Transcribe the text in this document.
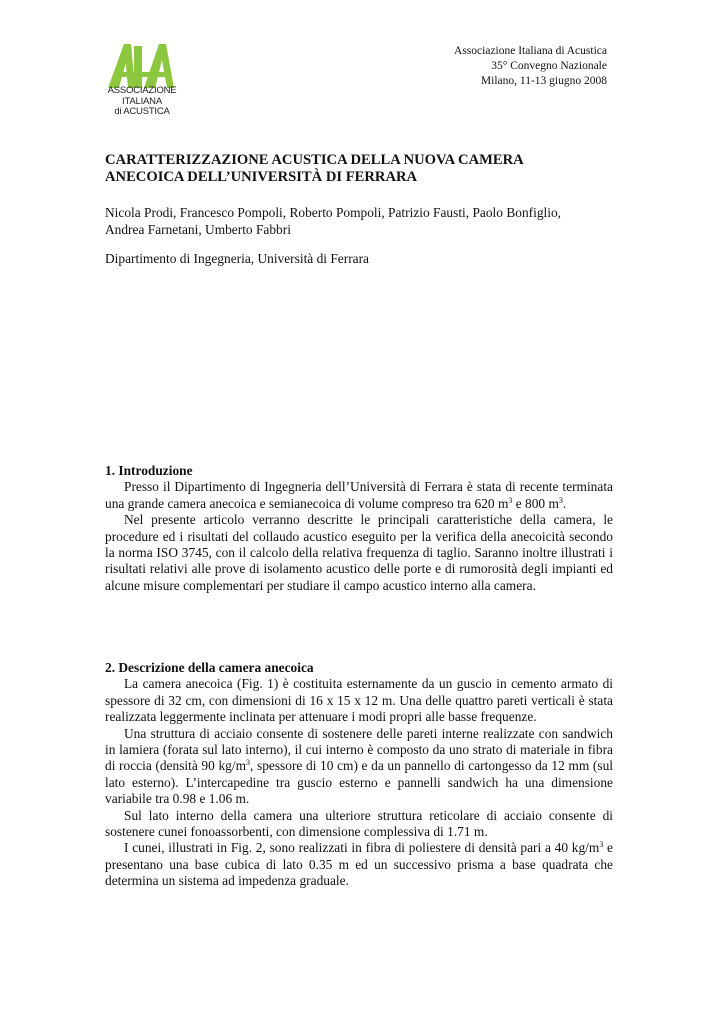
ASSOCIAZIONE
ITALIANA
di ACUSTICA
Associazione Italiana di Acustica
35° Convegno Nazionale
Milano, 11-13 giugno 2008
CARATTERIZZAZIONE ACUSTICA DELLA NUOVA CAMERA
ANECOICA DELL’UNIVERSITÀ DI FERRARA
Nicola Prodi, Francesco Pompoli, Roberto Pompoli, Patrizio Fausti, Paolo Bonfiglio,
Andrea Farnetani, Umberto Fabbri
Dipartimento di Ingegneria, Università di Ferrara
1. Introduzione

Presso il Dipartimento di Ingegneria dell’Università di Ferrara è stata di recente terminata una grande camera anecoica e semianecoica di volume compreso tra 620 $m^3$ e 800 $m^3$.

Nel presente articolo verranno descritte le principali caratteristiche della camera, le procedure ed i risultati del collaudo acustico eseguito per la verifica della anecoicità secondo la norma ISO 3745, con il calcolo della relativa frequenza di taglio. Saranno inoltre illustrati i risultati relativi alle prove di isolamento acustico delle porte e di rumorosità degli impianti ed alcune misure complementari per studiare il campo acustico interno alla camera.

2. Descrizione della camera anecoica

La camera anecoica (Fig. 1) è costituita esternamente da un guscio in cemento armato di spessore di 32 cm, con dimensioni di 16 x 15 x 12 m. Una delle quattro pareti verticali è stata realizzata leggermente inclinata per attenuare i modi propri alle basse frequenze.

Una struttura di acciaio consente di sostenere delle pareti interne realizzate con sandwich in lamiera (forata sul lato interno), il cui interno è composto da uno strato di materiale in fibra di roccia (densità 90 $kg/m^3$, spessore di 10 cm) e da un pannello di cartongesso da 12 mm (sul lato esterno). L’intercapedine tra guscio esterno e pannelli sandwich ha una dimensione variabile tra 0.98 e 1.06 m.

Sul lato interno della camera una ulteriore struttura reticolare di acciaio consente di sostenere cunei fonoassorbenti, con dimensione complessiva di 1.71 m.

I cunei, illustrati in Fig. 2, sono realizzati in fibra di poliestere di densità pari a 40 $kg/m^3$ e presentano una base cubica di lato 0.35 m ed un successivo prisma a base quadrata che determina un sistema ad impedenza graduale.
